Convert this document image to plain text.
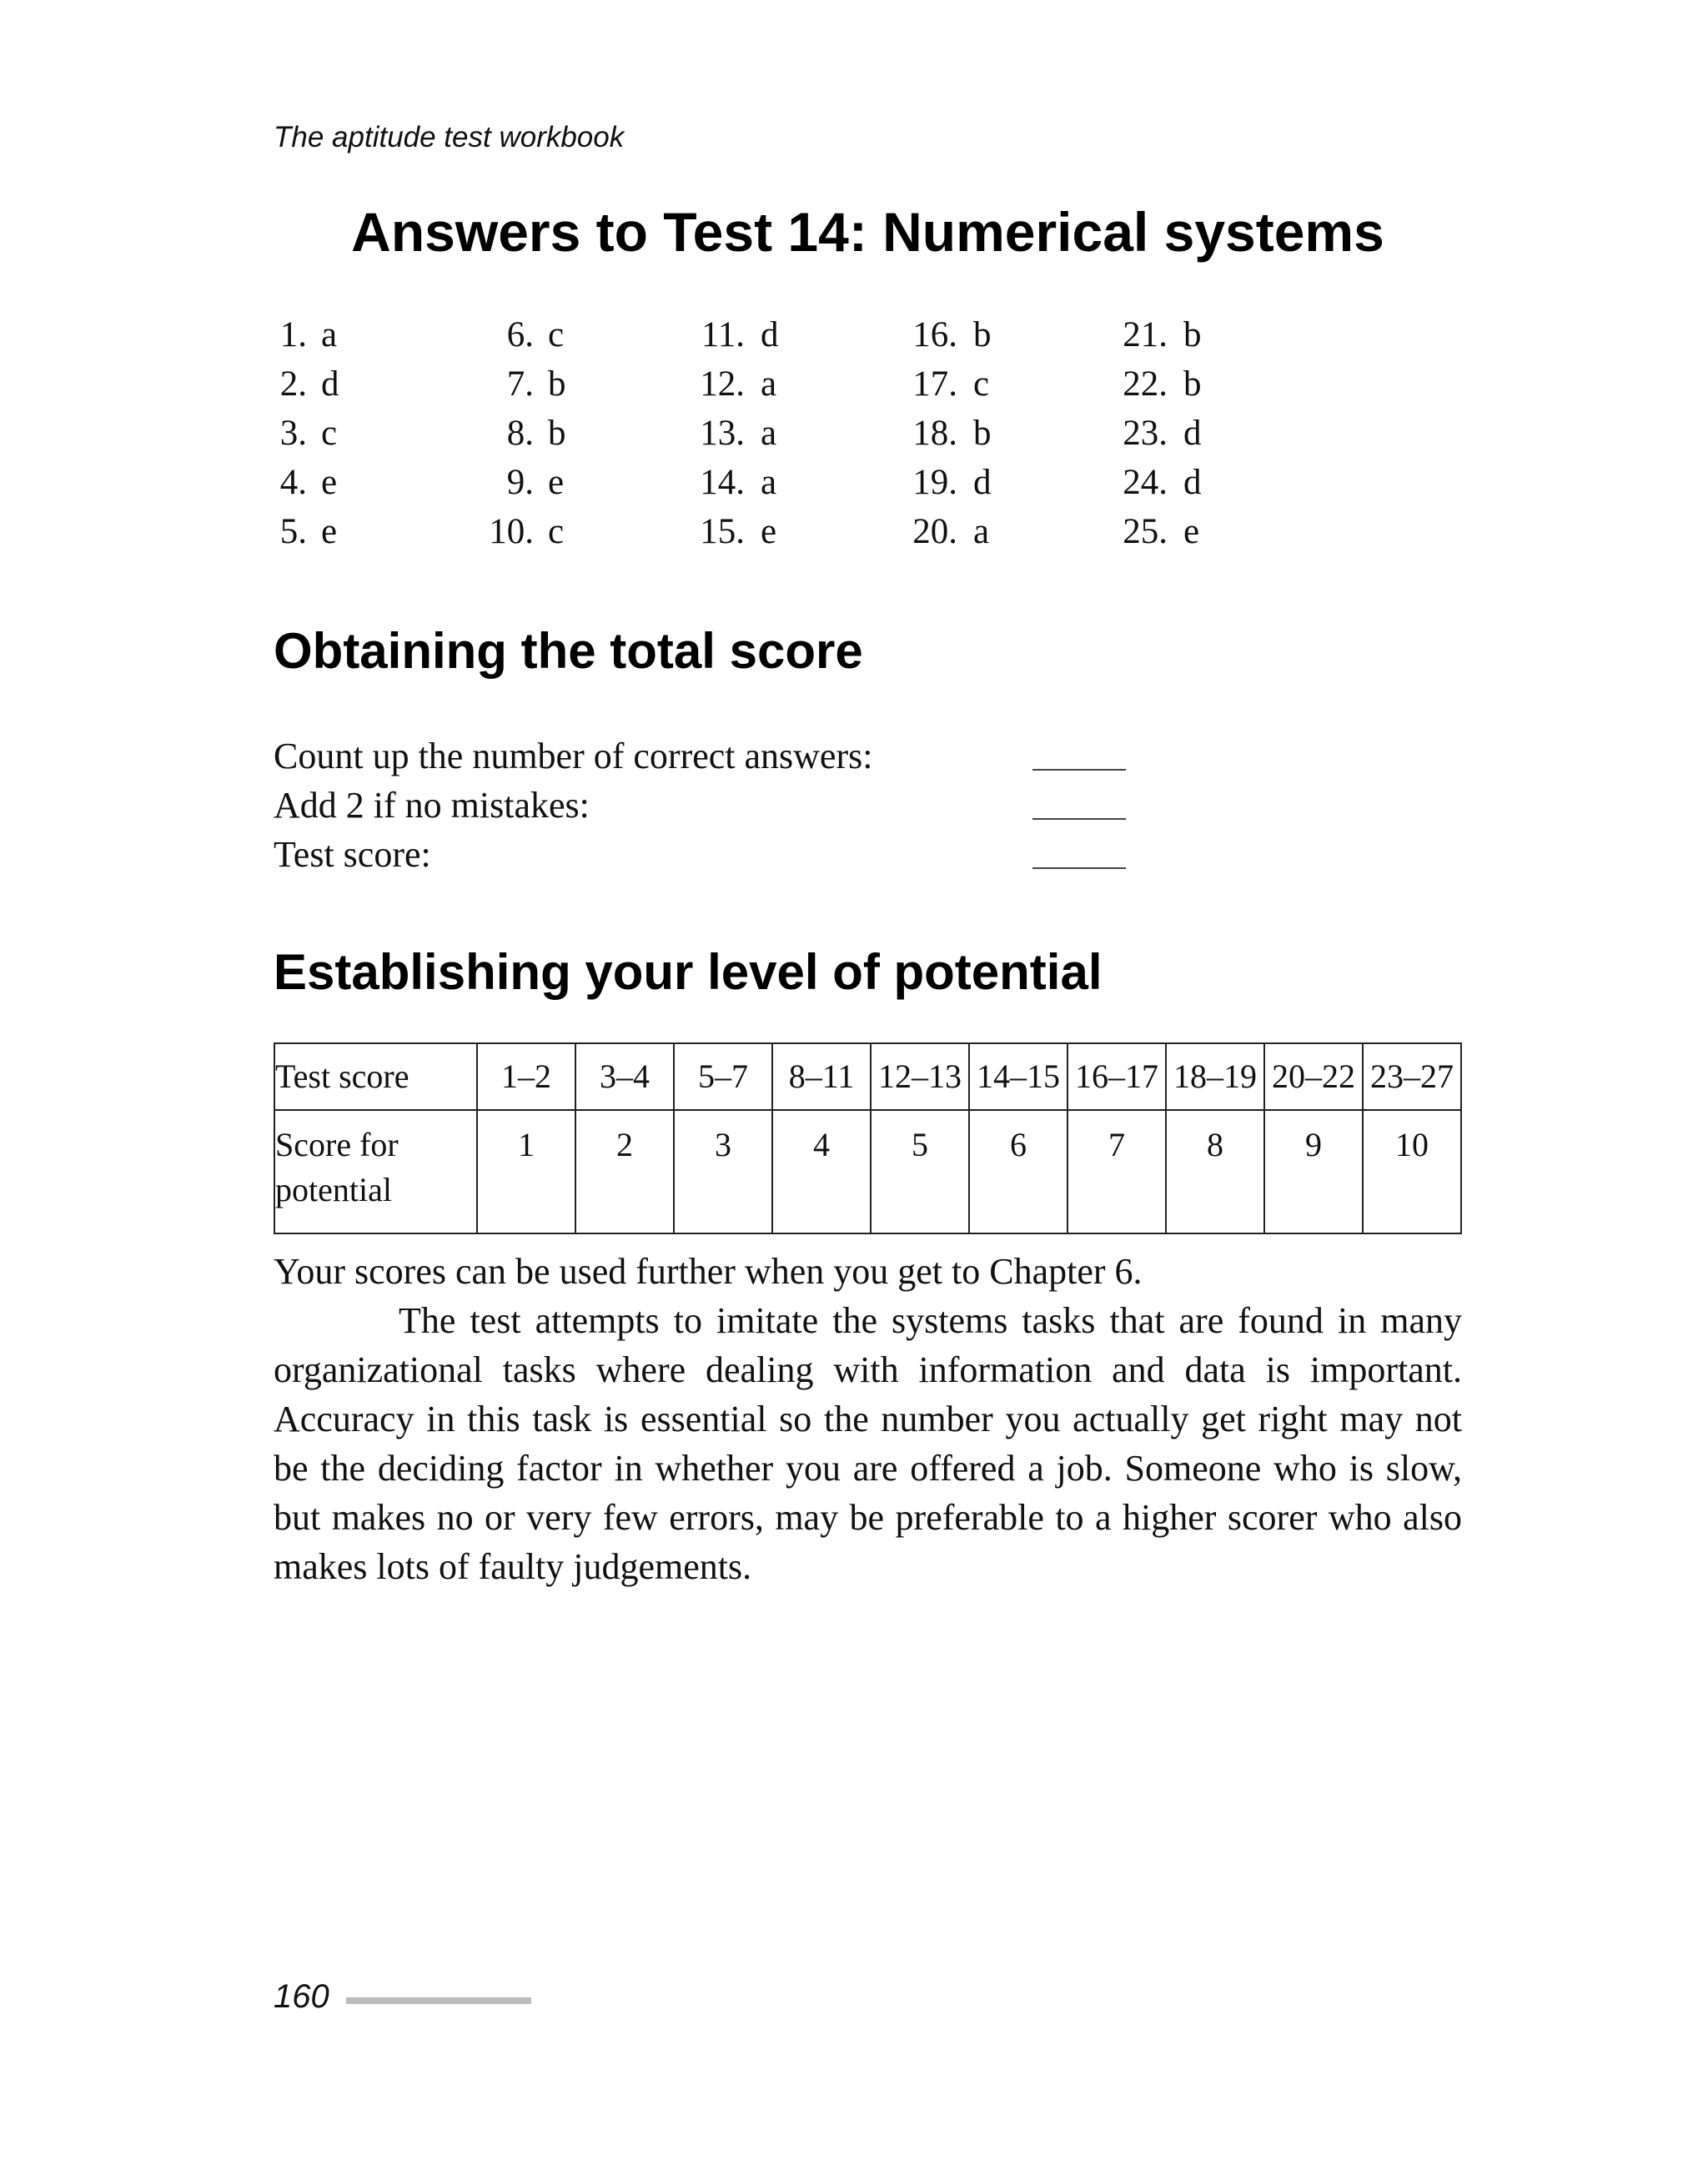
The aptitude test workbook
Answers to Test 14: Numerical systems
1. a
2. d
3. c
4. e
5. e
6. c
7. b
8. b
9. e
10. c
11. d
12. a
13. a
14. a
15. e
16. b
17. c
18. b
19. d
20. a
21. b
22. b
23. d
24. d
25. e
Obtaining the total score
Count up the number of correct answers:
Add 2 if no mistakes:
Test score:
Establishing your level of potential
Test score	1–2	3–4	5–7	8–11	12–13	14–15	16–17	18–19	20–22	23–27
Score for potential	1	2	3	4	5	6	7	8	9	10
Your scores can be used further when you get to Chapter 6.
The test attempts to imitate the systems tasks that are found in many organizational tasks where dealing with information and data is important. Accuracy in this task is essential so the number you actually get right may not be the deciding factor in whether you are offered a job. Someone who is slow, but makes no or very few errors, may be preferable to a higher scorer who also makes lots of faulty judgements.
160
